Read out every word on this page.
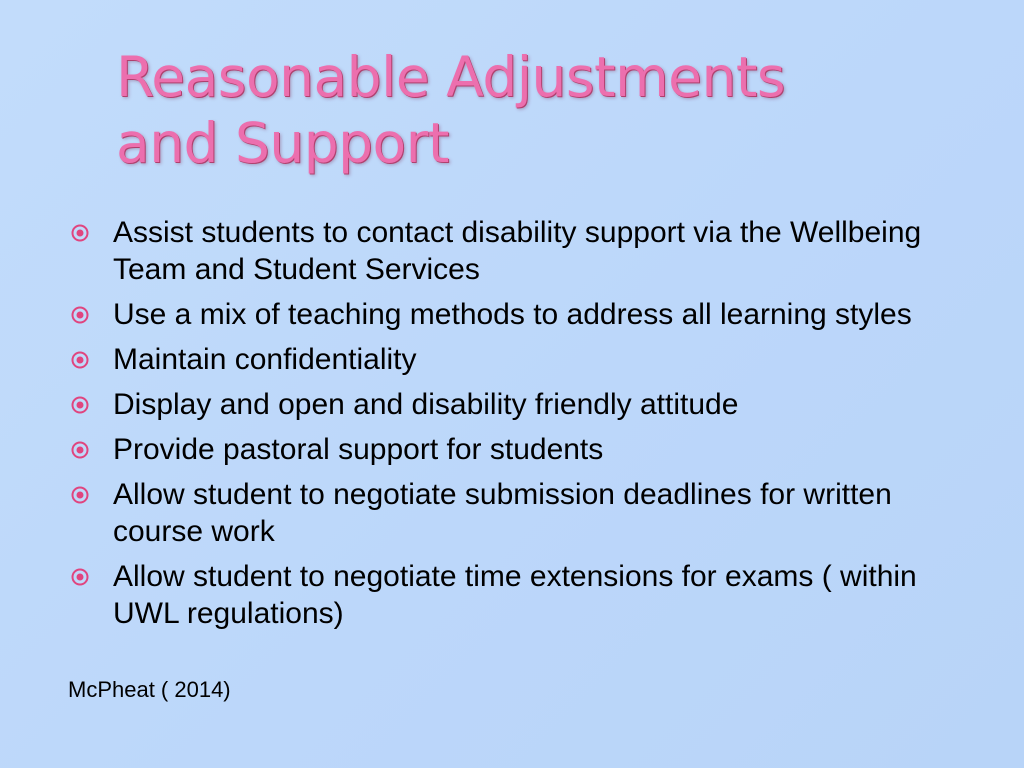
Reasonable Adjustments
and Support
Assist students to contact disability support via the Wellbeing Team and Student Services
Use a mix of teaching methods to address all learning styles
Maintain confidentiality
Display and open and disability friendly attitude
Provide pastoral support for students
Allow student to negotiate submission deadlines for written course work
Allow student to negotiate time extensions for exams ( within UWL regulations)
McPheat ( 2014)
